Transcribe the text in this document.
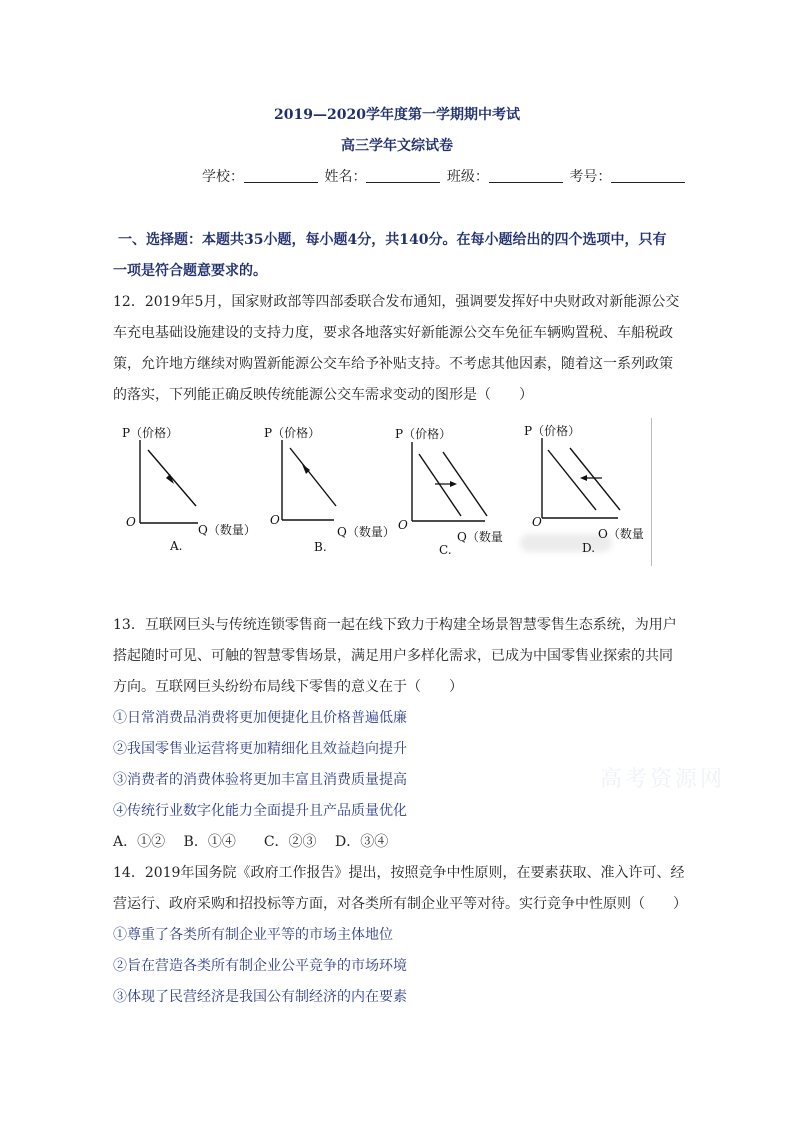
2019—2020学年度第一学期期中考试
高三学年文综试卷
学校：	姓名：	班级：	考号：
一、选择题：本题共35小题，每小题4分，共140分。在每小题给出的四个选项中，只有
一项是符合题意要求的。
12．2019年5月，国家财政部等四部委联合发布通知，强调要发挥好中央财政对新能源公交
车充电基础设施建设的支持力度，要求各地落实好新能源公交车免征车辆购置税、车船税政
策，允许地方继续对购置新能源公交车给予补贴支持。不考虑其他因素，随着这一系列政策
的落实，下列能正确反映传统能源公交车需求变动的图形是（　　）
P（价格）
O
Q（数量）
A.
P（价格）
O
Q（数量）
B.
P（价格）
O
Q（数量
C.
P（价格）
O
O（数量
D.
13．互联网巨头与传统连锁零售商一起在线下致力于构建全场景智慧零售生态系统，为用户
搭起随时可见、可触的智慧零售场景，满足用户多样化需求，已成为中国零售业探索的共同
方向。互联网巨头纷纷布局线下零售的意义在于（　　）
①日常消费品消费将更加便捷化且价格普遍低廉
②我国零售业运营将更加精细化且效益趋向提升
③消费者的消费体验将更加丰富且消费质量提高
④传统行业数字化能力全面提升且产品质量优化
A．①②　 B．①④　　C．②③　 D．③④
高考资源网
14．2019年国务院《政府工作报告》提出，按照竞争中性原则，在要素获取、准入许可、经
营运行、政府采购和招投标等方面，对各类所有制企业平等对待。实行竞争中性原则（　　）
①尊重了各类所有制企业平等的市场主体地位
②旨在营造各类所有制企业公平竞争的市场环境
③体现了民营经济是我国公有制经济的内在要素
